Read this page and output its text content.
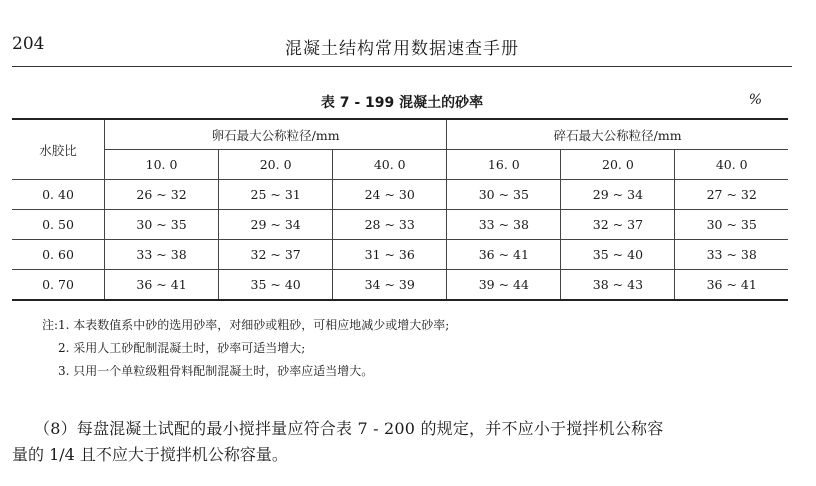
204	混凝土结构常用数据速查手册
表 7 - 199 混凝土的砂率	%
水胶比	卵石最大公称粒径/mm			碎石最大公称粒径/mm		
	10. 0	20. 0	40. 0	16. 0	20. 0	40. 0
0. 40	26 ~ 32	25 ~ 31	24 ~ 30	30 ~ 35	29 ~ 34	27 ~ 32
0. 50	30 ~ 35	29 ~ 34	28 ~ 33	33 ~ 38	32 ~ 37	30 ~ 35
0. 60	33 ~ 38	32 ~ 37	31 ~ 36	36 ~ 41	35 ~ 40	33 ~ 38
0. 70	36 ~ 41	35 ~ 40	34 ~ 39	39 ~ 44	38 ~ 43	36 ~ 41
注:1. 本表数值系中砂的选用砂率，对细砂或粗砂，可相应地减少或增大砂率;
2. 采用人工砂配制混凝土时，砂率可适当增大;
3. 只用一个单粒级粗骨料配制混凝土时，砂率应适当增大。
（8）每盘混凝土试配的最小搅拌量应符合表 7 - 200 的规定，并不应小于搅拌机公称容
量的 1/4 且不应大于搅拌机公称容量。
